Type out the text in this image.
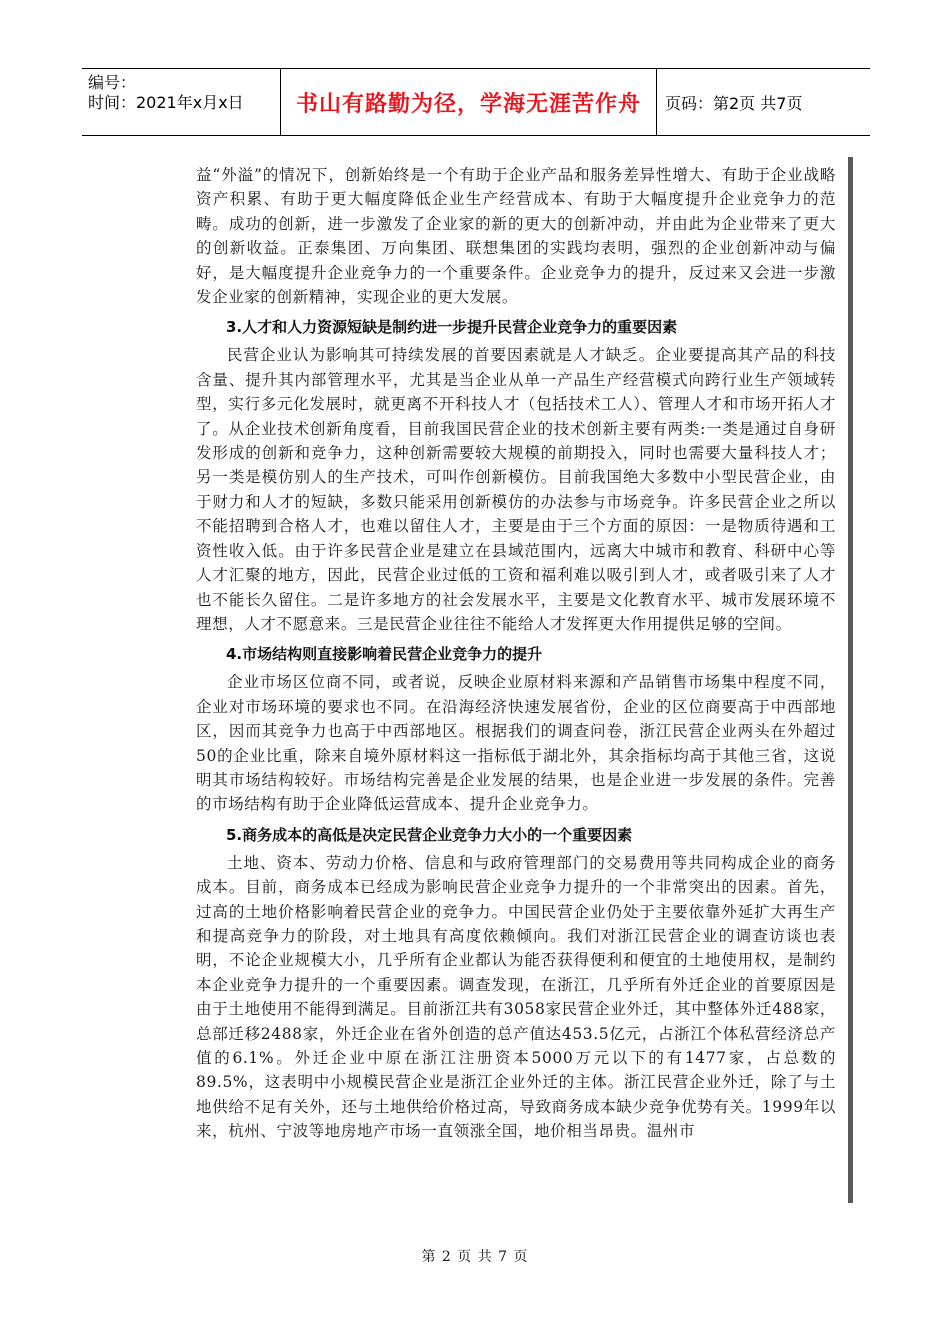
编号：
时间：2021年x月x日	书山有路勤为径，学海无涯苦作舟	页码：第2页 共7页

益“外溢”的情况下，创新始终是一个有助于企业产品和服务差异性增大、有助于企业战略资产积累、有助于更大幅度降低企业生产经营成本、有助于大幅度提升企业竞争力的范畴。成功的创新，进一步激发了企业家的新的更大的创新冲动，并由此为企业带来了更大的创新收益。正泰集团、万向集团、联想集团的实践均表明，强烈的企业创新冲动与偏好，是大幅度提升企业竞争力的一个重要条件。企业竞争力的提升，反过来又会进一步激发企业家的创新精神，实现企业的更大发展。

3.人才和人力资源短缺是制约进一步提升民营企业竞争力的重要因素

民营企业认为影响其可持续发展的首要因素就是人才缺乏。企业要提高其产品的科技含量、提升其内部管理水平，尤其是当企业从单一产品生产经营模式向跨行业生产领域转型，实行多元化发展时，就更离不开科技人才（包括技术工人）、管理人才和市场开拓人才了。从企业技术创新角度看，目前我国民营企业的技术创新主要有两类:一类是通过自身研发形成的创新和竞争力，这种创新需要较大规模的前期投入，同时也需要大量科技人才；另一类是模仿别人的生产技术，可叫作创新模仿。目前我国绝大多数中小型民营企业，由于财力和人才的短缺，多数只能采用创新模仿的办法参与市场竞争。许多民营企业之所以不能招聘到合格人才，也难以留住人才，主要是由于三个方面的原因：一是物质待遇和工资性收入低。由于许多民营企业是建立在县域范围内，远离大中城市和教育、科研中心等人才汇聚的地方，因此，民营企业过低的工资和福利难以吸引到人才，或者吸引来了人才也不能长久留住。二是许多地方的社会发展水平，主要是文化教育水平、城市发展环境不理想，人才不愿意来。三是民营企业往往不能给人才发挥更大作用提供足够的空间。

4.市场结构则直接影响着民营企业竞争力的提升

企业市场区位商不同，或者说，反映企业原材料来源和产品销售市场集中程度不同，企业对市场环境的要求也不同。在沿海经济快速发展省份，企业的区位商要高于中西部地区，因而其竞争力也高于中西部地区。根据我们的调查问卷，浙江民营企业两头在外超过50的企业比重，除来自境外原材料这一指标低于湖北外，其余指标均高于其他三省，这说明其市场结构较好。市场结构完善是企业发展的结果，也是企业进一步发展的条件。完善的市场结构有助于企业降低运营成本、提升企业竞争力。

5.商务成本的高低是决定民营企业竞争力大小的一个重要因素

土地、资本、劳动力价格、信息和与政府管理部门的交易费用等共同构成企业的商务成本。目前，商务成本已经成为影响民营企业竞争力提升的一个非常突出的因素。首先，过高的土地价格影响着民营企业的竞争力。中国民营企业仍处于主要依靠外延扩大再生产和提高竞争力的阶段，对土地具有高度依赖倾向。我们对浙江民营企业的调查访谈也表明，不论企业规模大小，几乎所有企业都认为能否获得便利和便宜的土地使用权，是制约本企业竞争力提升的一个重要因素。调查发现，在浙江，几乎所有外迁企业的首要原因是由于土地使用不能得到满足。目前浙江共有3058家民营企业外迁，其中整体外迁488家，总部迁移2488家，外迁企业在省外创造的总产值达453.5亿元，占浙江个体私营经济总产值的6.1%。外迁企业中原在浙江注册资本5000万元以下的有1477家，占总数的89.5%，这表明中小规模民营企业是浙江企业外迁的主体。浙江民营企业外迁，除了与土地供给不足有关外，还与土地供给价格过高，导致商务成本缺少竞争优势有关。1999年以来，杭州、宁波等地房地产市场一直领涨全国，地价相当昂贵。温州市

第 2 页 共 7 页
